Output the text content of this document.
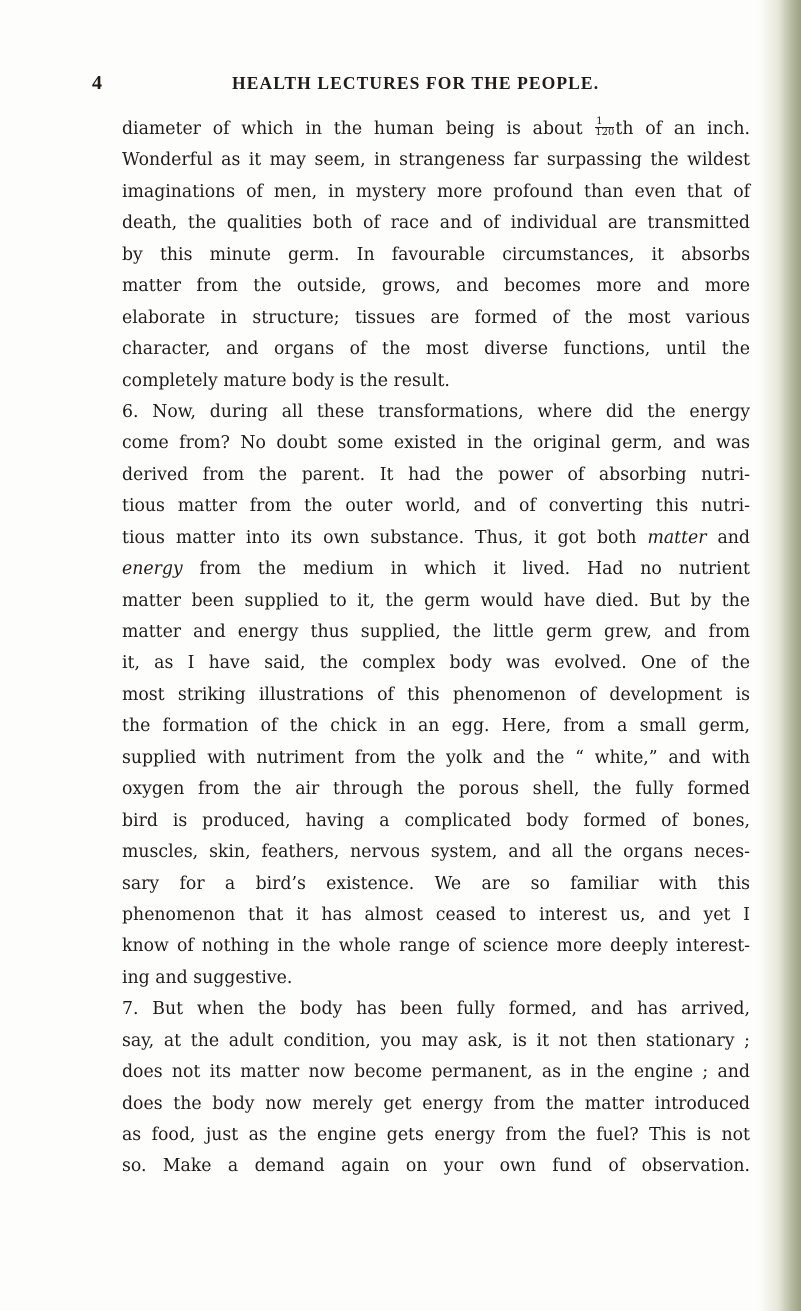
4	HEALTH LECTURES FOR THE PEOPLE.
diameter of which in the human being is about $\frac{1}{120}$ th of an inch.
Wonderful as it may seem, in strangeness far surpassing the wildest
imaginations of men, in mystery more profound than even that of
death, the qualities both of race and of individual are transmitted
by this minute germ. In favourable circumstances, it absorbs
matter from the outside, grows, and becomes more and more
elaborate in structure; tissues are formed of the most various
character, and organs of the most diverse functions, until the
completely mature body is the result.
6. Now, during all these transformations, where did the energy
come from? No doubt some existed in the original germ, and was
derived from the parent. It had the power of absorbing nutri-
tious matter from the outer world, and of converting this nutri-
tious matter into its own substance. Thus, it got both matter and
energy from the medium in which it lived. Had no nutrient
matter been supplied to it, the germ would have died. But by the
matter and energy thus supplied, the little germ grew, and from
it, as I have said, the complex body was evolved. One of the
most striking illustrations of this phenomenon of development is
the formation of the chick in an egg. Here, from a small germ,
supplied with nutriment from the yolk and the “ white,” and with
oxygen from the air through the porous shell, the fully formed
bird is produced, having a complicated body formed of bones,
muscles, skin, feathers, nervous system, and all the organs neces-
sary for a bird’s existence. We are so familiar with this
phenomenon that it has almost ceased to interest us, and yet I
know of nothing in the whole range of science more deeply interest-
ing and suggestive.
7. But when the body has been fully formed, and has arrived,
say, at the adult condition, you may ask, is it not then stationary ;
does not its matter now become permanent, as in the engine ; and
does the body now merely get energy from the matter introduced
as food, just as the engine gets energy from the fuel? This is not
so. Make a demand again on your own fund of observation.
